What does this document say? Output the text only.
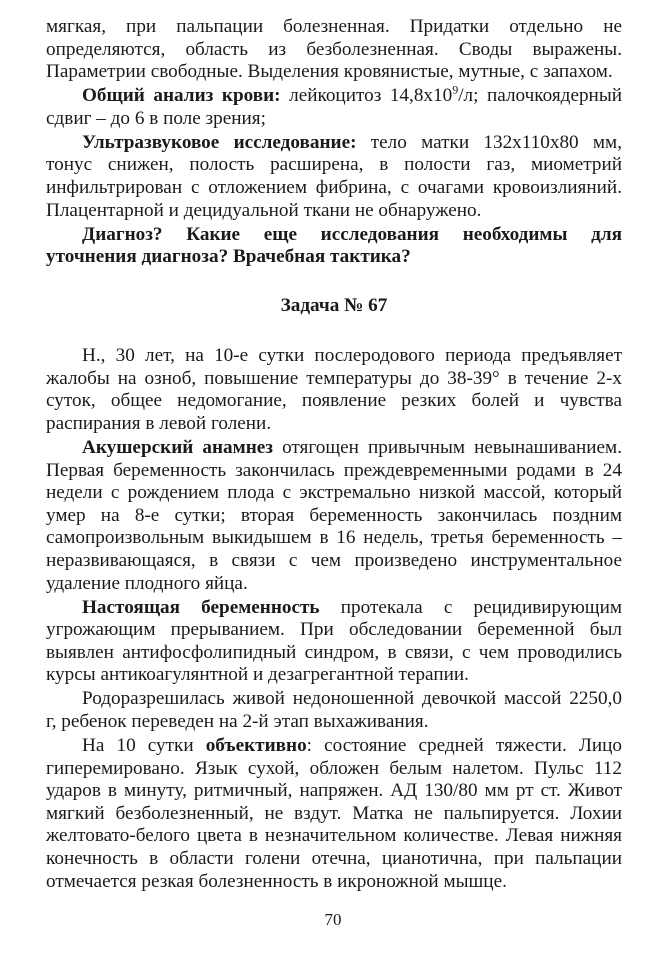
мягкая, при пальпации болезненная. Придатки отдельно не определяются, область из безболезненная. Своды выражены. Параметрии свободные. Выделения кровянистые, мутные, с запахом.

Общий анализ крови: лейкоцитоз $14,8х10^9/л$; палочкоядерный сдвиг – до 6 в поле зрения;

Ультразвуковое исследование: тело матки 132х110х80 мм, тонус снижен, полость расширена, в полости газ, миометрий инфильтрирован с отложением фибрина, с очагами кровоизлияний. Плацентарной и децидуальной ткани не обнаружено.

Диагноз? Какие еще исследования необходимы для уточнения диагноза? Врачебная тактика?

Задача № 67

Н., 30 лет, на 10-е сутки послеродового периода предъявляет жалобы на озноб, повышение температуры до 38-39° в течение 2-х суток, общее недомогание, появление резких болей и чувства распирания в левой голени.

Акушерский анамнез отягощен привычным невынашиванием. Первая беременность закончилась преждевременными родами в 24 недели с рождением плода с экстремально низкой массой, который умер на 8-е сутки; вторая беременность закончилась поздним самопроизвольным выкидышем в 16 недель, третья беременность – неразвивающаяся, в связи с чем произведено инструментальное удаление плодного яйца.

Настоящая беременность протекала с рецидивирующим угрожающим прерыванием. При обследовании беременной был выявлен антифосфолипидный синдром, в связи, с чем проводились курсы антикоагулянтной и дезагрегантной терапии.

Родоразрешилась живой недоношенной девочкой массой 2250,0 г, ребенок переведен на 2-й этап выхаживания.

На 10 сутки объективно: состояние средней тяжести. Лицо гиперемировано. Язык сухой, обложен белым налетом. Пульс 112 ударов в минуту, ритмичный, напряжен. АД 130/80 мм рт ст. Живот мягкий безболезненный, не вздут. Матка не пальпируется. Лохии желтовато-белого цвета в незначительном количестве. Левая нижняя конечность в области голени отечна, цианотична, при пальпации отмечается резкая болезненность в икроножной мышце.

70
